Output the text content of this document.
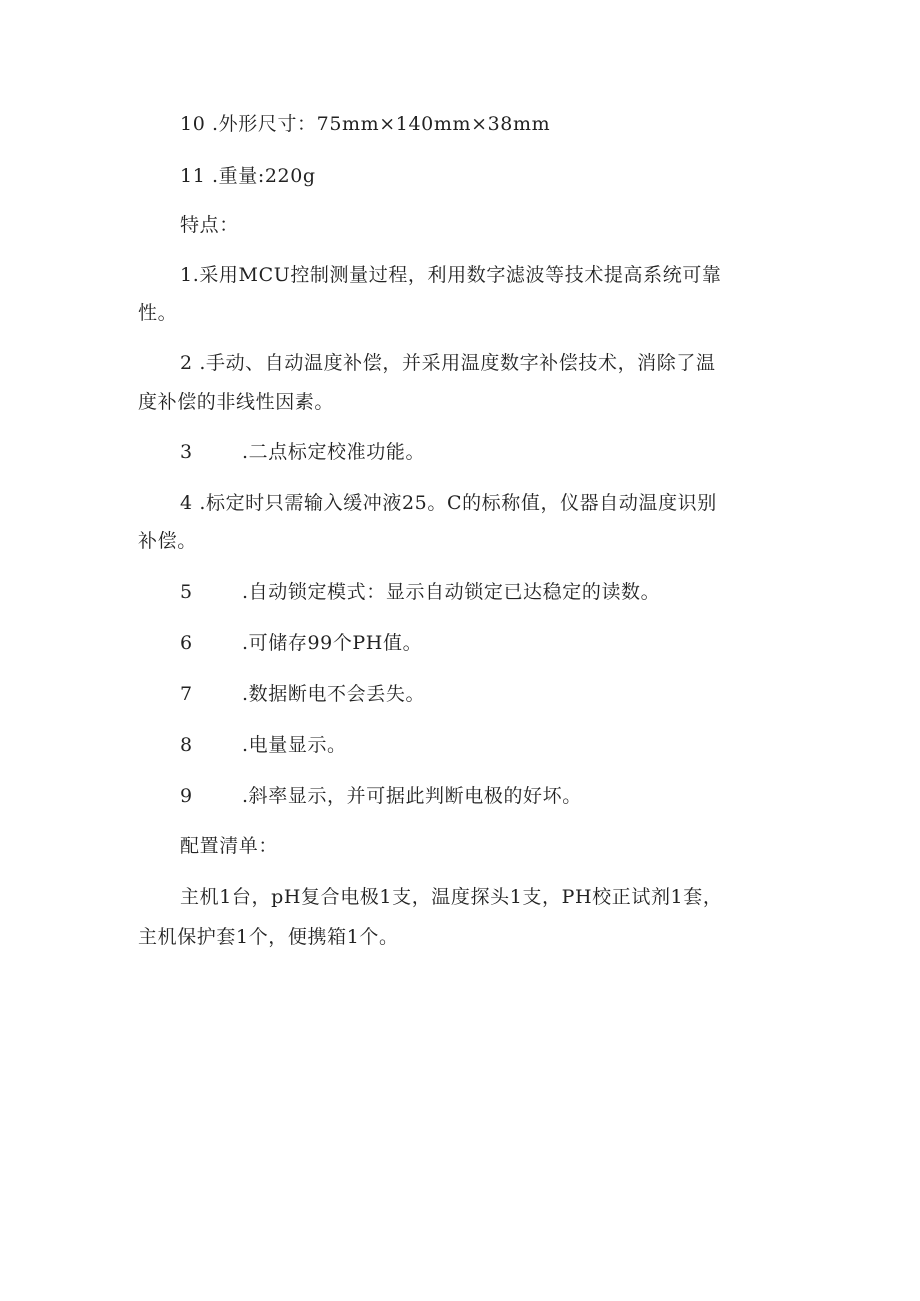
10 .外形尺寸：75mm×140mm×38mm
11 .重量:220g
特点：
1.采用MCU控制测量过程，利用数字滤波等技术提高系统可靠
性。
2 .手动、自动温度补偿，并采用温度数字补偿技术，消除了温
度补偿的非线性因素。
3	.二点标定校准功能。
4 .标定时只需输入缓冲液25。C的标称值，仪器自动温度识别
补偿。
5	.自动锁定模式：显示自动锁定已达稳定的读数。
6	.可储存99个PH值。
7	.数据断电不会丢失。
8	.电量显示。
9	.斜率显示，并可据此判断电极的好坏。
配置清单：
主机1台，pH复合电极1支，温度探头1支，PH校正试剂1套，
主机保护套1个，便携箱1个。
